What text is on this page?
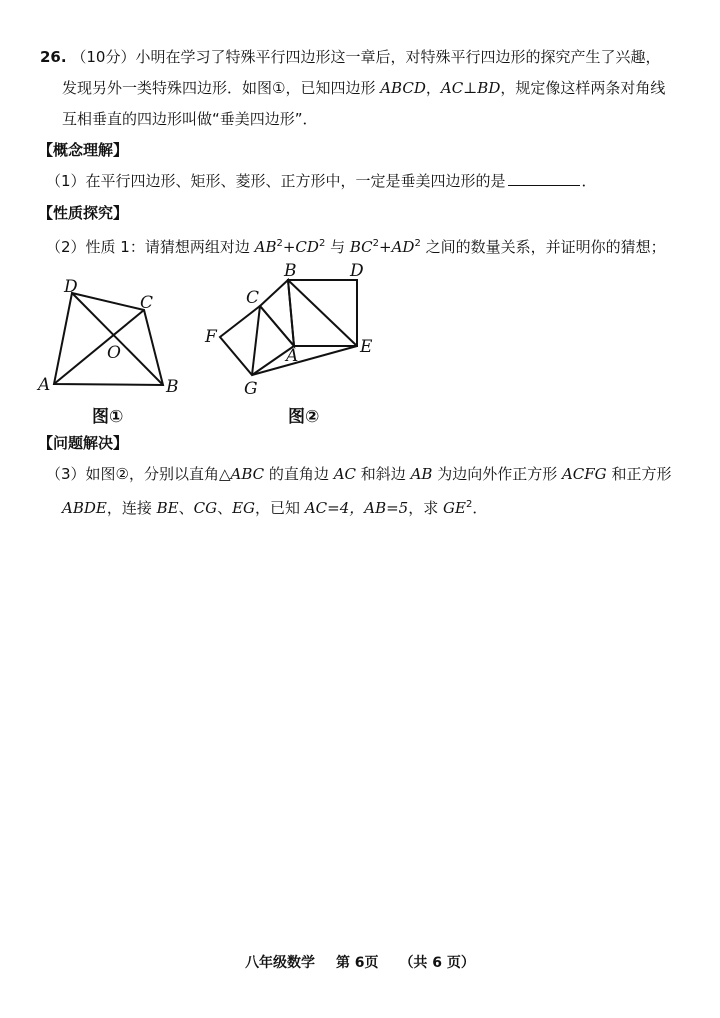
26. （10分）小明在学习了特殊平行四边形这一章后，对特殊平行四边形的探究产生了兴趣，
发现另外一类特殊四边形．如图①，已知四边形 ABCD，AC⊥BD，规定像这样两条对角线
互相垂直的四边形叫做“垂美四边形”．
【概念理解】
（1）在平行四边形、矩形、菱形、正方形中，一定是垂美四边形的是	．
【性质探究】
（2）性质 1：请猜想两组对边 $AB^2+CD^2$ 与 $BC^2+AD^2$ 之间的数量关系，并证明你的猜想；
D
C
O
A	B
图①
B	D
C
F
A	E
G
图②
【问题解决】
（3）如图②，分别以直角△ABC 的直角边 AC 和斜边 AB 为边向外作正方形 ACFG 和正方形
ABDE，连接 BE、CG、EG，已知 AC=4，AB=5，求 $GE^2$．
八年级数学 第 6页 （共 6 页）
